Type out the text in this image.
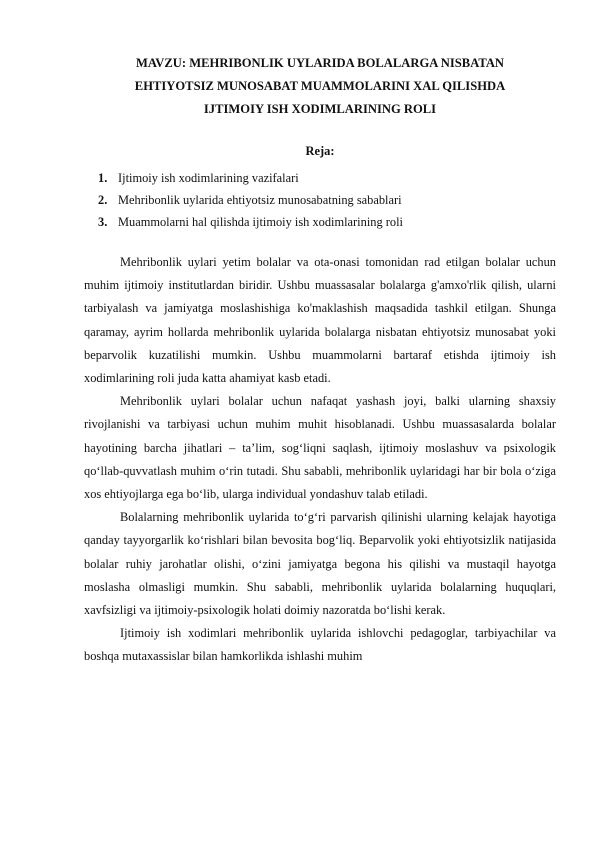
MAVZU: MEHRIBONLIK UYLARIDA BOLALARGA NISBATAN
EHTIYOTSIZ MUNOSABAT MUAMMOLARINI XAL QILISHDA
IJTIMOIY ISH XODIMLARINING ROLI
Reja:
1. Ijtimoiy ish xodimlarining vazifalari
2. Mehribonlik uylarida ehtiyotsiz munosabatning sabablari
3. Muammolarni hal qilishda ijtimoiy ish xodimlarining roli

Mehribonlik uylari yetim bolalar va ota-onasi tomonidan rad etilgan bolalar uchun muhim ijtimoiy institutlardan biridir. Ushbu muassasalar bolalarga g'amxo'rlik qilish, ularni tarbiyalash va jamiyatga moslashishiga ko'maklashish maqsadida tashkil etilgan. Shunga qaramay, ayrim hollarda mehribonlik uylarida bolalarga nisbatan ehtiyotsiz munosabat yoki beparvolik kuzatilishi mumkin. Ushbu muammolarni bartaraf etishda ijtimoiy ish xodimlarining roli juda katta ahamiyat kasb etadi.

Mehribonlik uylari bolalar uchun nafaqat yashash joyi, balki ularning shaxsiy rivojlanishi va tarbiyasi uchun muhim muhit hisoblanadi. Ushbu muassasalarda bolalar hayotining barcha jihatlari – ta’lim, sog‘liqni saqlash, ijtimoiy moslashuv va psixologik qo‘llab-quvvatlash muhim o‘rin tutadi. Shu sababli, mehribonlik uylaridagi har bir bola o‘ziga xos ehtiyojlarga ega bo‘lib, ularga individual yondashuv talab etiladi.

Bolalarning mehribonlik uylarida to‘g‘ri parvarish qilinishi ularning kelajak hayotiga qanday tayyorgarlik ko‘rishlari bilan bevosita bog‘liq. Beparvolik yoki ehtiyotsizlik natijasida bolalar ruhiy jarohatlar olishi, o‘zini jamiyatga begona his qilishi va mustaqil hayotga moslasha olmasligi mumkin. Shu sababli, mehribonlik uylarida bolalarning huquqlari, xavfsizligi va ijtimoiy-psixologik holati doimiy nazoratda bo‘lishi kerak.

Ijtimoiy ish xodimlari mehribonlik uylarida ishlovchi pedagoglar, tarbiyachilar va boshqa mutaxassislar bilan hamkorlikda ishlashi muhim
